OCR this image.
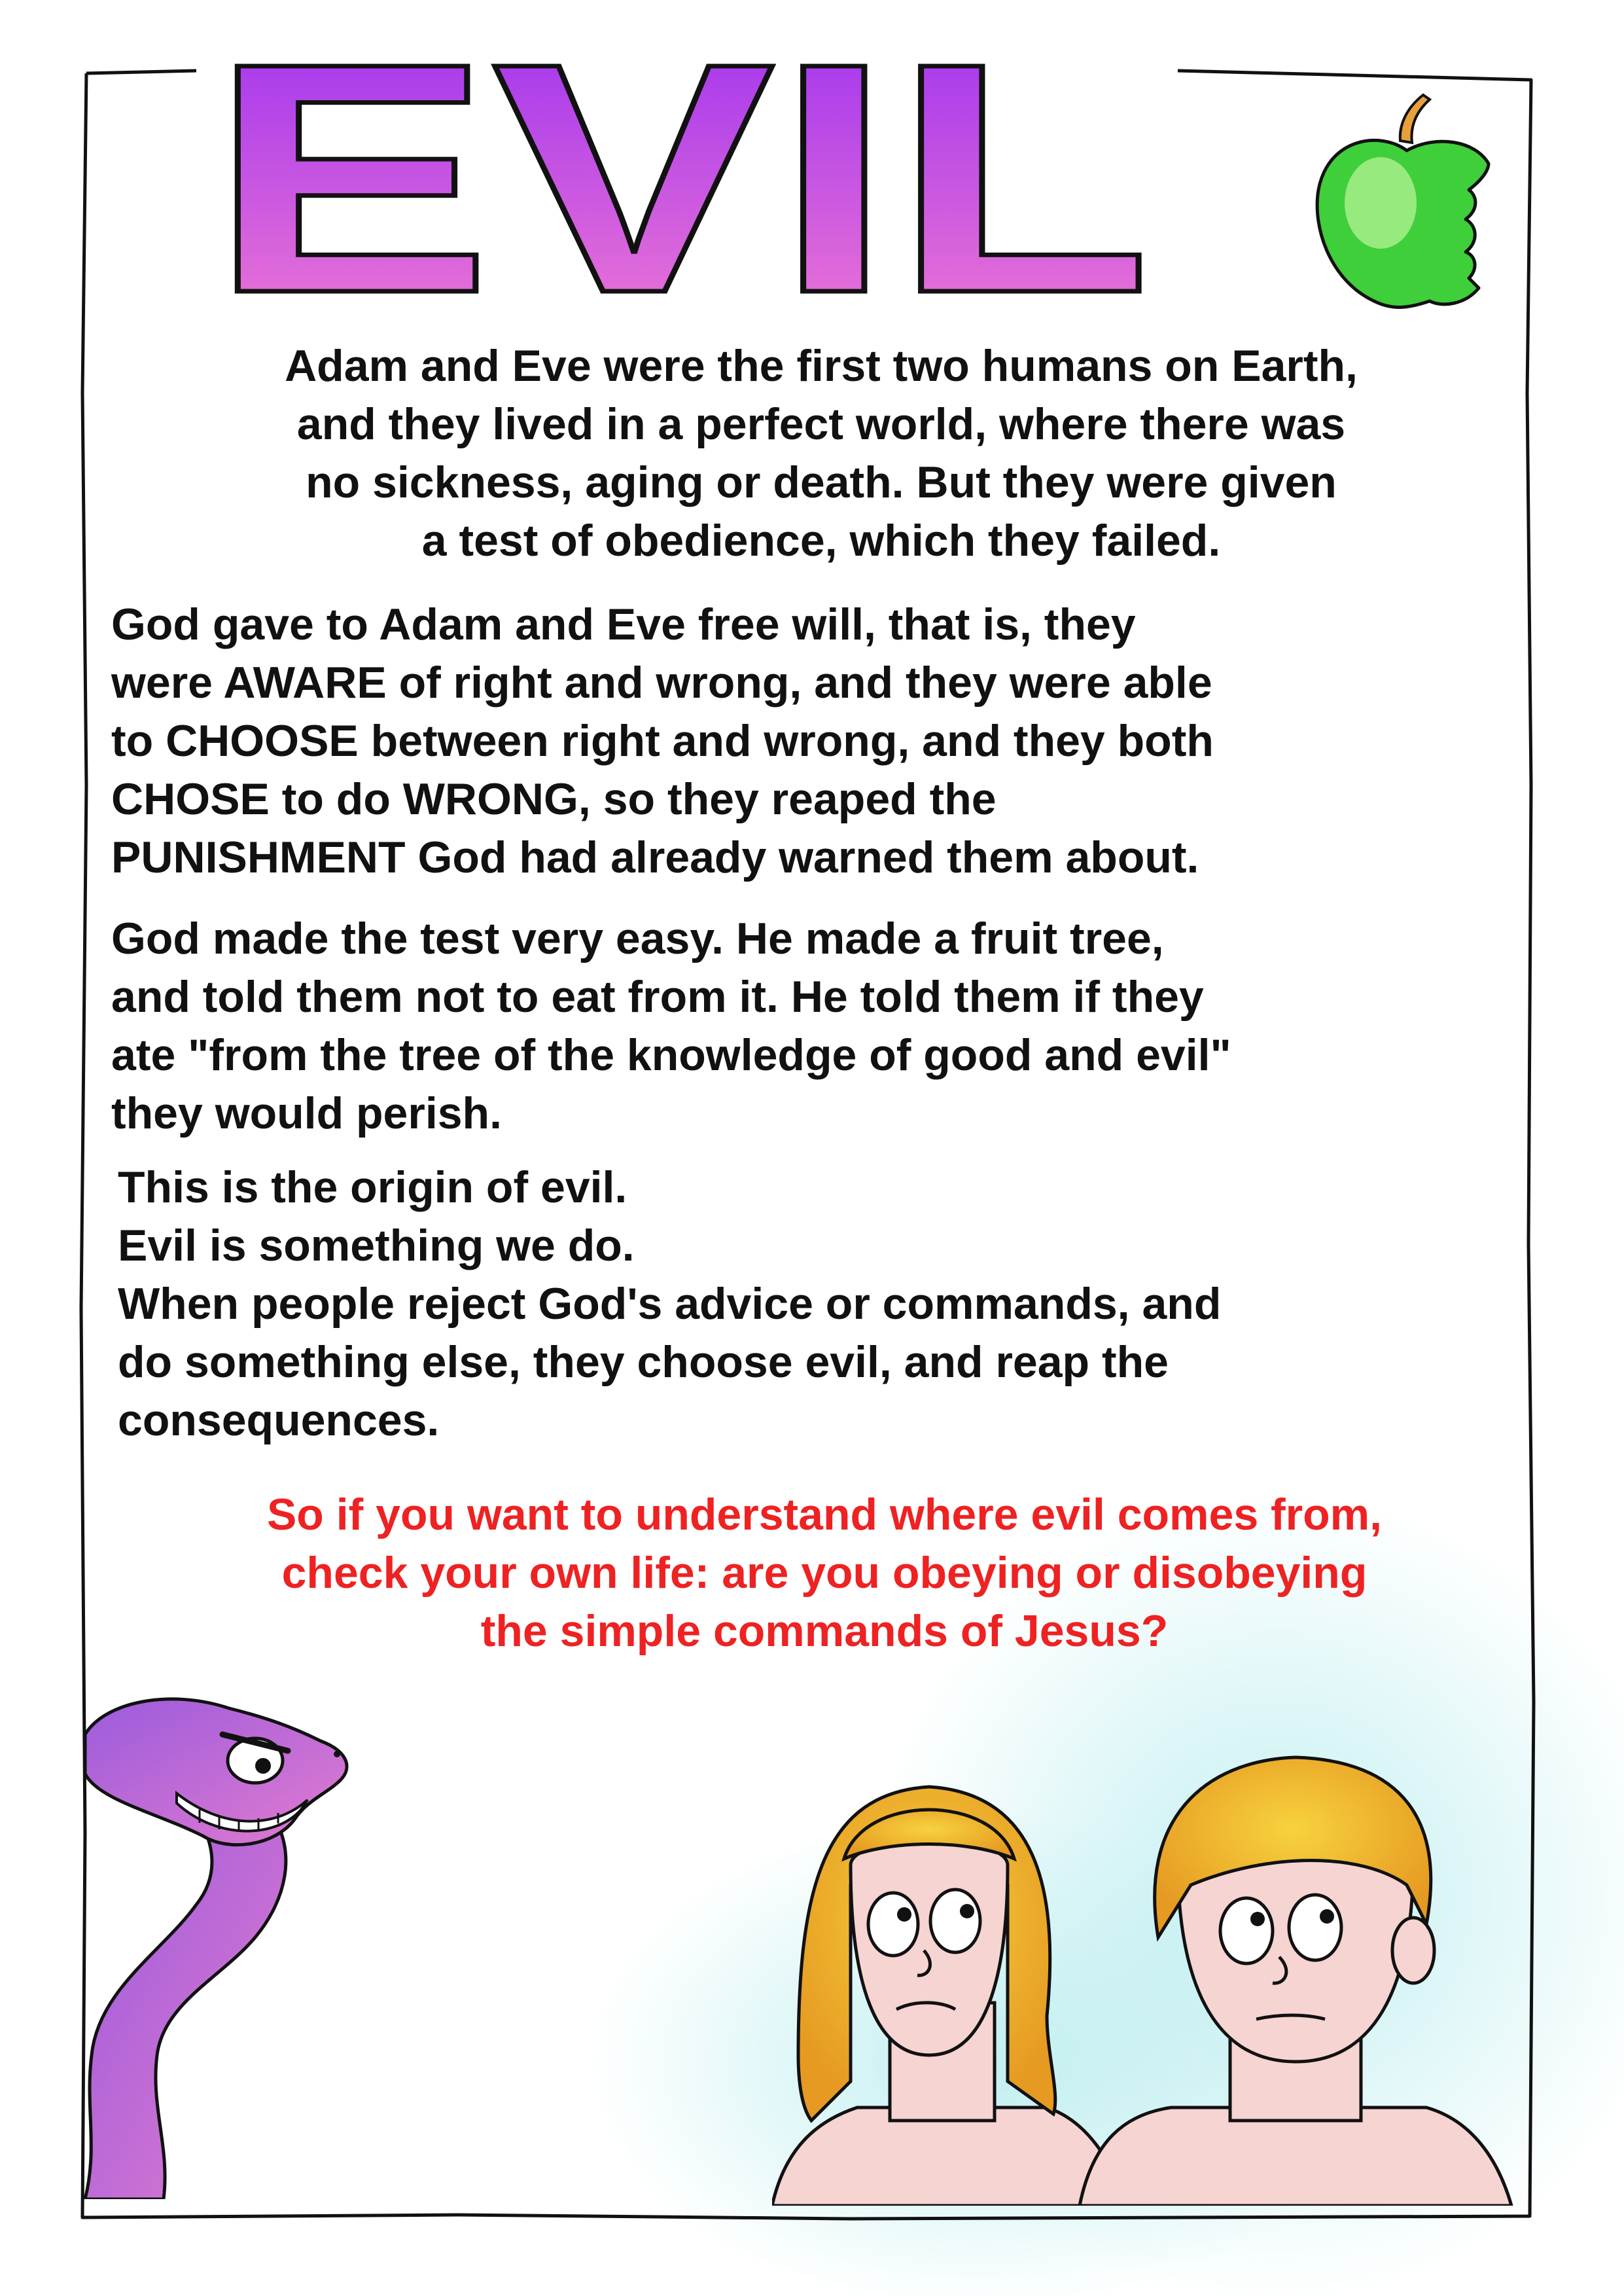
EVIL

Adam and Eve were the first two humans on Earth,
and they lived in a perfect world, where there was
no sickness, aging or death. But they were given
a test of obedience, which they failed.

God gave to Adam and Eve free will, that is, they
were AWARE of right and wrong, and they were able
to CHOOSE between right and wrong, and they both
CHOSE to do WRONG, so they reaped the
PUNISHMENT God had already warned them about.

God made the test very easy. He made a fruit tree,
and told them not to eat from it. He told them if they
ate "from the tree of the knowledge of good and evil"
they would perish.

This is the origin of evil.
Evil is something we do.
When people reject God's advice or commands, and
do something else, they choose evil, and reap the
consequences.

So if you want to understand where evil comes from,
check your own life: are you obeying or disobeying
the simple commands of Jesus?
